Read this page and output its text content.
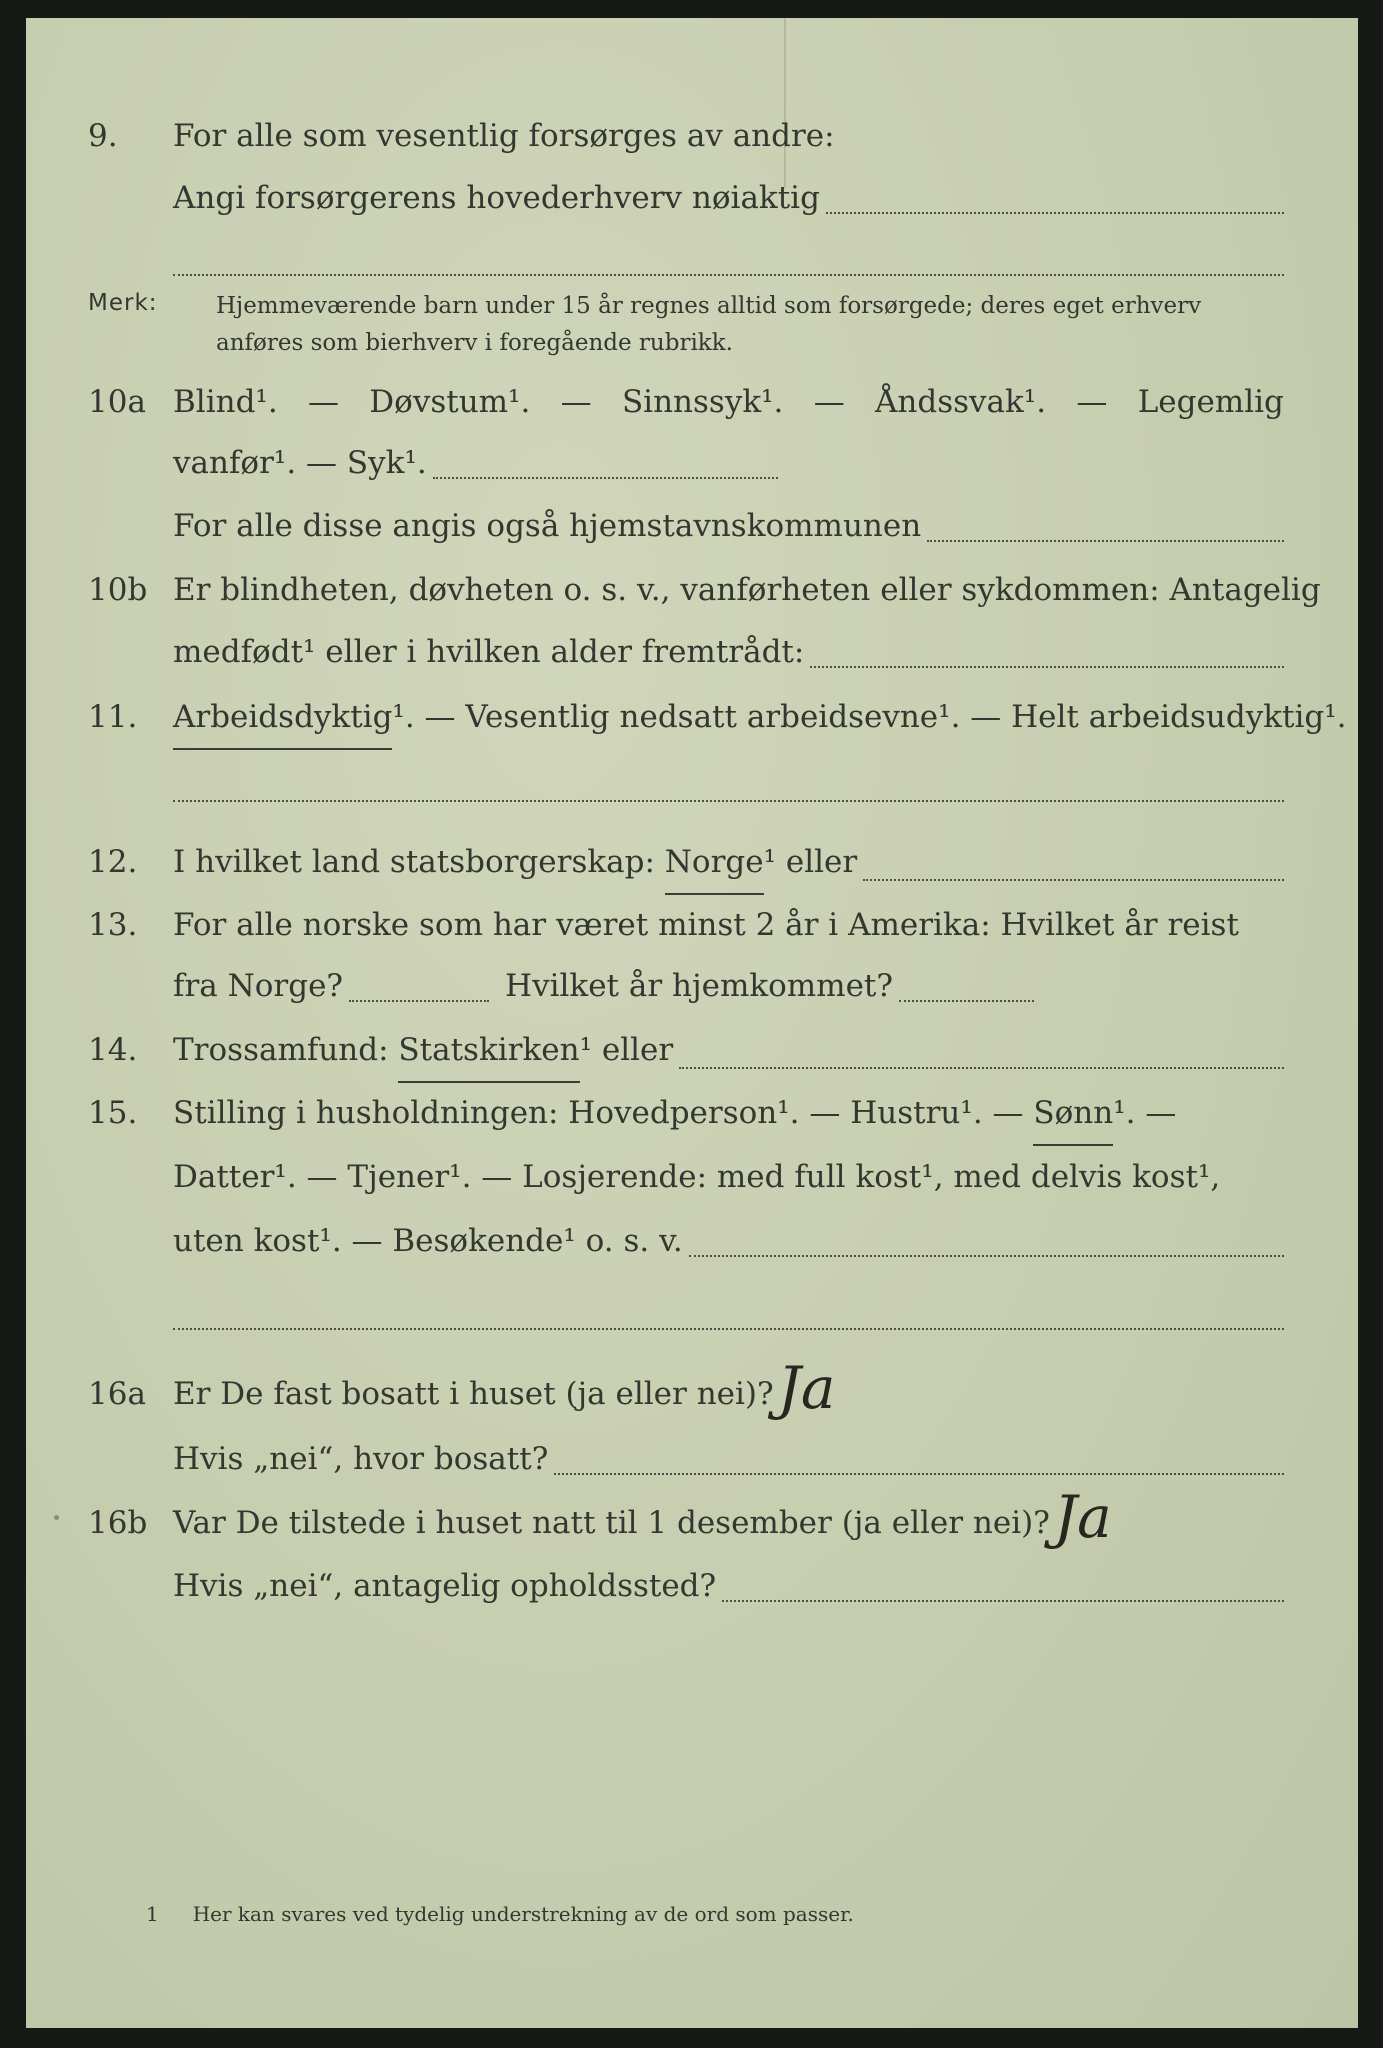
9. For alle som vesentlig forsørges av andre:
Angi forsørgerens hovederhverv nøiaktig
Merk:	Hjemmeværende barn under 15 år regnes alltid som forsørgede; deres eget erhverv anføres som bierhverv i foregående rubrikk.
10a Blind¹. — Døvstum¹. — Sinnssyk¹. — Åndssvak¹. — Legemlig
vanfør¹. — Syk¹.
For alle disse angis også hjemstavnskommunen
10b Er blindheten, døvheten o. s. v., vanførheten eller sykdommen: Antagelig
medfødt¹ eller i hvilken alder fremtrådt:
11. Arbeidsdyktig ¹. — Vesentlig nedsatt arbeidsevne¹. — Helt arbeidsudyktig¹.
12. I hvilket land statsborgerskap: Norge ¹ eller
13. For alle norske som har været minst 2 år i Amerika: Hvilket år reist
fra Norge?	Hvilket år hjemkommet?
14. Trossamfund: Statskirken ¹ eller
15. Stilling i husholdningen: Hovedperson¹. — Hustru¹. — Sønn ¹. —
Datter¹. — Tjener¹. — Losjerende: med full kost¹, med delvis kost¹,
uten kost¹. — Besøkende¹ o. s. v.
16a Er De fast bosatt i huset (ja eller nei)? Ja
Hvis „nei“, hvor bosatt?
16b Var De tilstede i huset natt til 1 desember (ja eller nei)? Ja
Hvis „nei“, antagelig opholdssted?
1 Her kan svares ved tydelig understrekning av de ord som passer.
